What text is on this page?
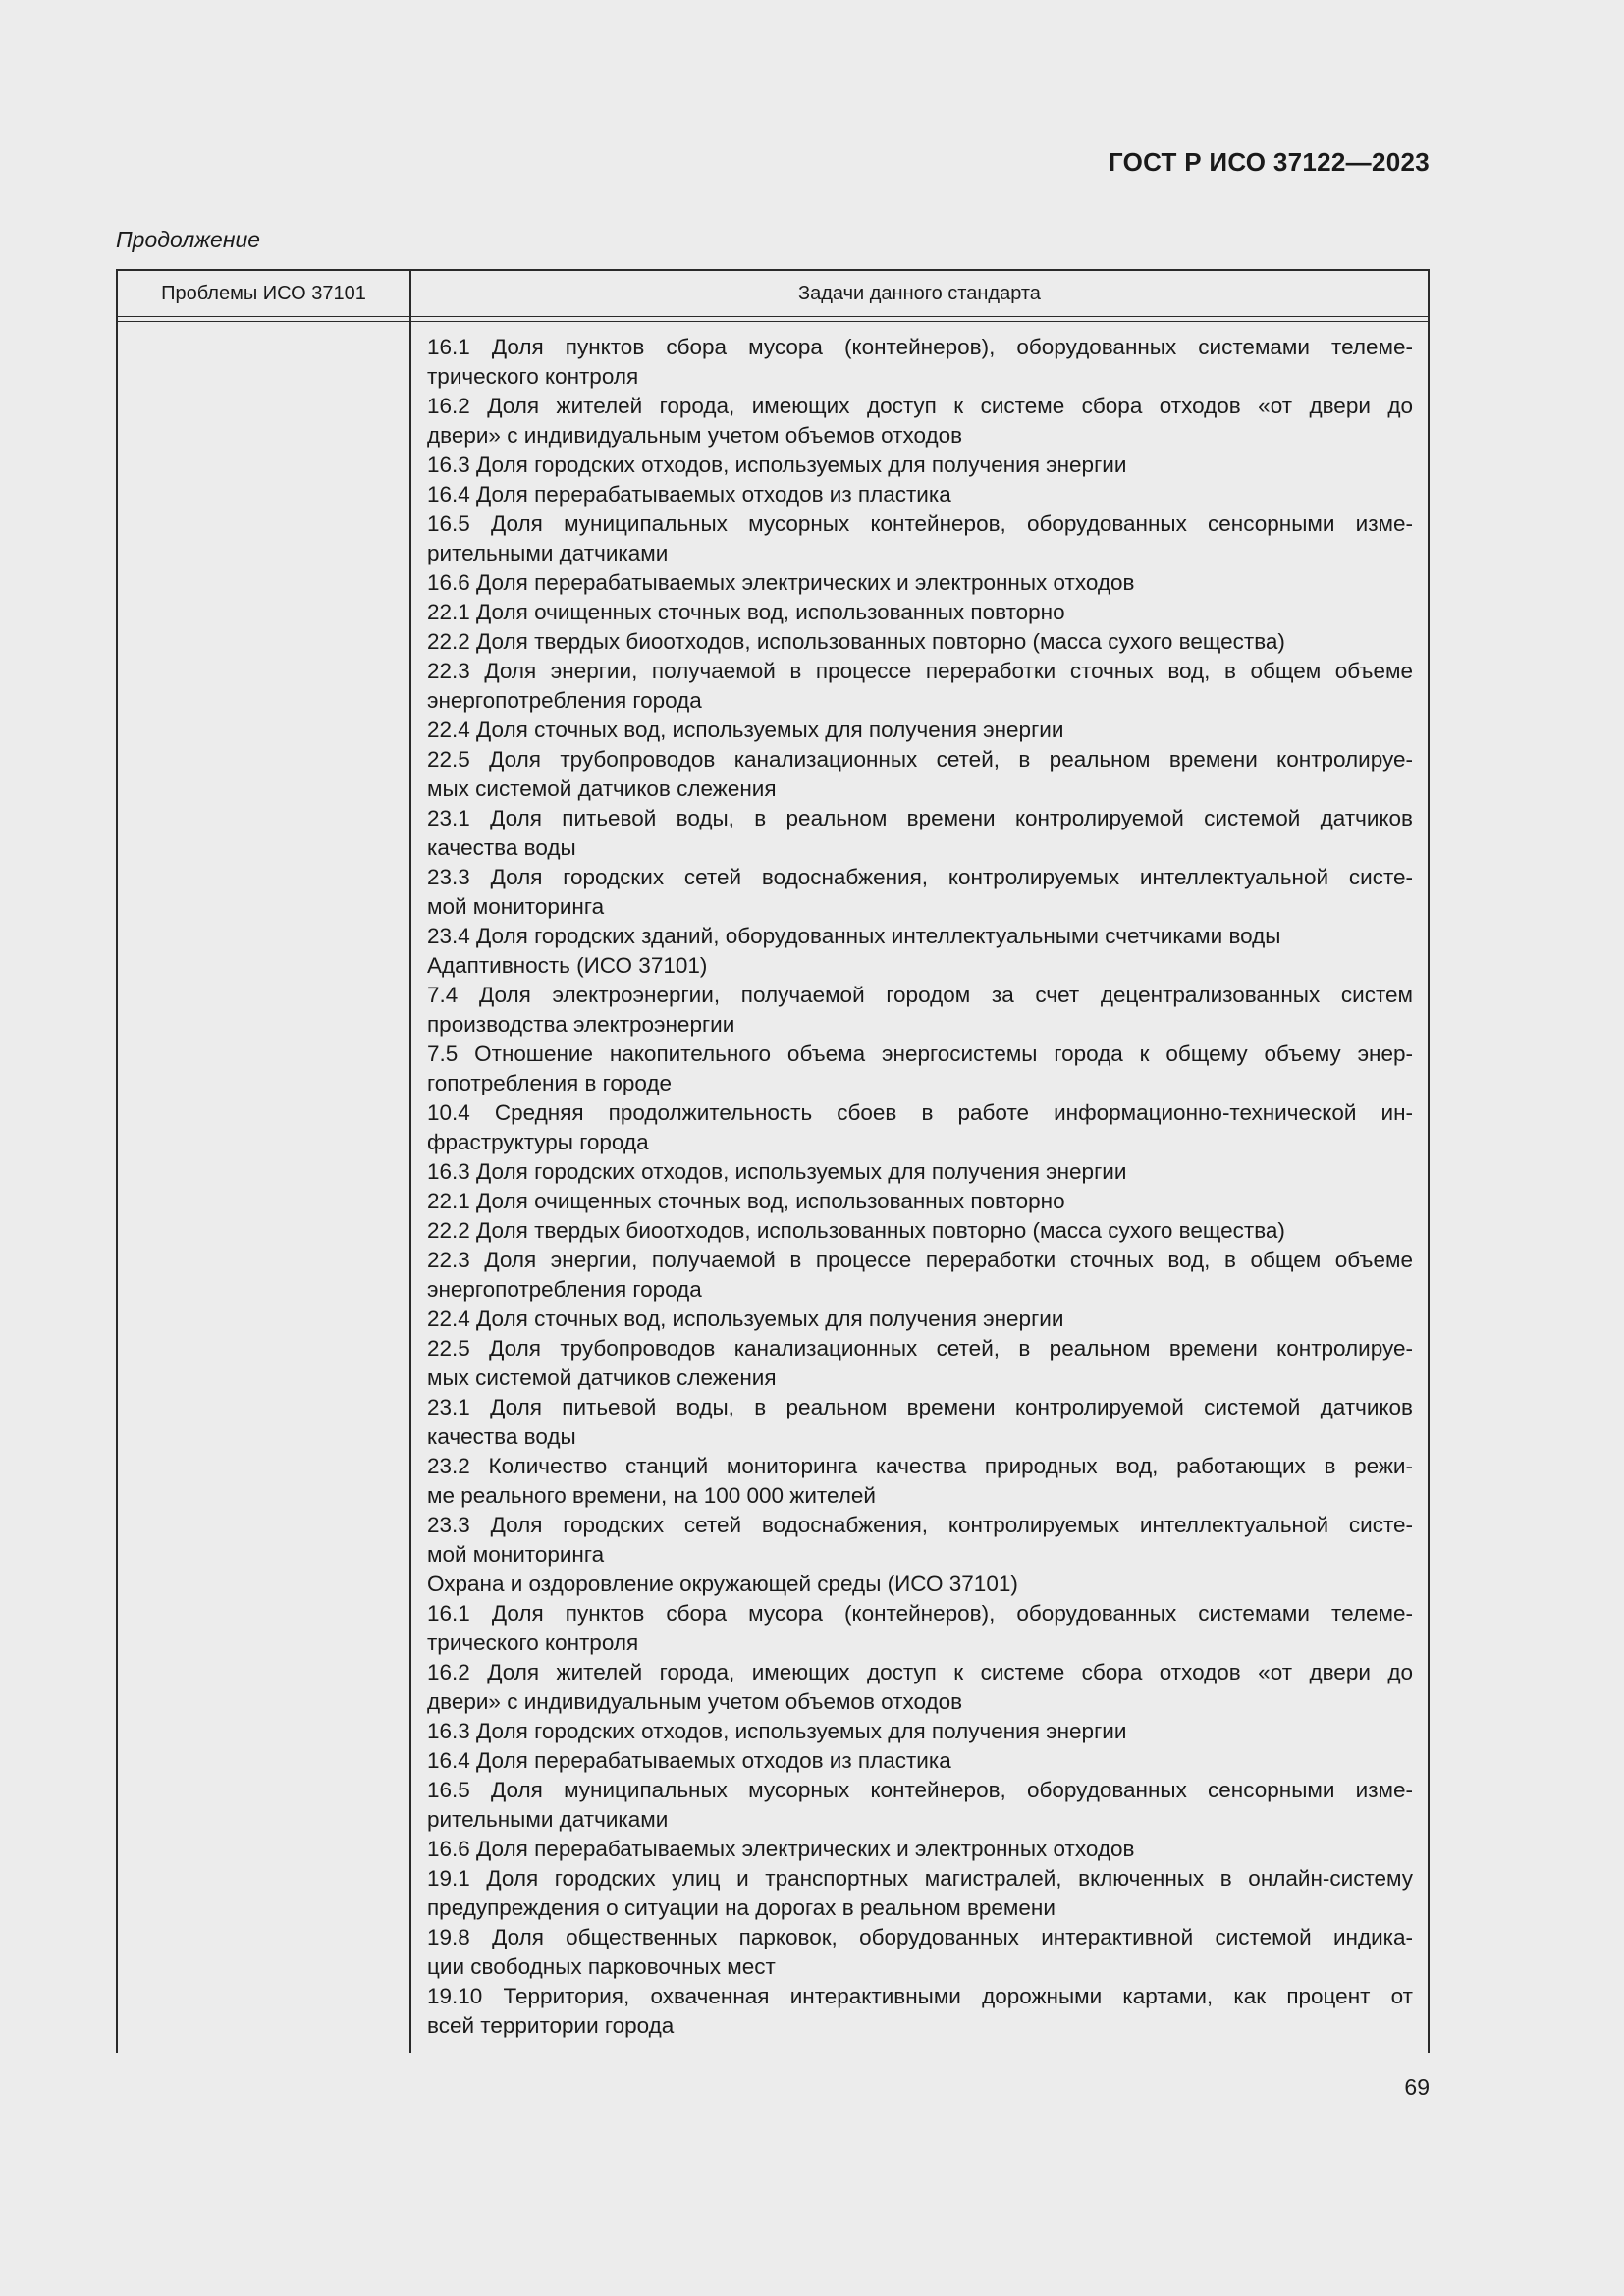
ГОСТ Р ИСО 37122—2023
Продолжение
Проблемы ИСО 37101	Задачи данного стандарта
16.1 Доля пунктов сбора мусора (контейнеров), оборудованных системами телеме-
трического контроля
16.2 Доля жителей города, имеющих доступ к системе сбора отходов «от двери до
двери» с индивидуальным учетом объемов отходов
16.3 Доля городских отходов, используемых для получения энергии
16.4 Доля перерабатываемых отходов из пластика
16.5 Доля муниципальных мусорных контейнеров, оборудованных сенсорными изме-
рительными датчиками
16.6 Доля перерабатываемых электрических и электронных отходов
22.1 Доля очищенных сточных вод, использованных повторно
22.2 Доля твердых биоотходов, использованных повторно (масса сухого вещества)
22.3 Доля энергии, получаемой в процессе переработки сточных вод, в общем объеме
энергопотребления города
22.4 Доля сточных вод, используемых для получения энергии
22.5 Доля трубопроводов канализационных сетей, в реальном времени контролируе-
мых системой датчиков слежения
23.1 Доля питьевой воды, в реальном времени контролируемой системой датчиков
качества воды
23.3 Доля городских сетей водоснабжения, контролируемых интеллектуальной систе-
мой мониторинга
23.4 Доля городских зданий, оборудованных интеллектуальными счетчиками воды
Адаптивность (ИСО 37101)
7.4 Доля электроэнергии, получаемой городом за счет децентрализованных систем
производства электроэнергии
7.5 Отношение накопительного объема энергосистемы города к общему объему энер-
гопотребления в городе
10.4 Средняя продолжительность сбоев в работе информационно-технической ин-
фраструктуры города
16.3 Доля городских отходов, используемых для получения энергии
22.1 Доля очищенных сточных вод, использованных повторно
22.2 Доля твердых биоотходов, использованных повторно (масса сухого вещества)
22.3 Доля энергии, получаемой в процессе переработки сточных вод, в общем объеме
энергопотребления города
22.4 Доля сточных вод, используемых для получения энергии
22.5 Доля трубопроводов канализационных сетей, в реальном времени контролируе-
мых системой датчиков слежения
23.1 Доля питьевой воды, в реальном времени контролируемой системой датчиков
качества воды
23.2 Количество станций мониторинга качества природных вод, работающих в режи-
ме реального времени, на 100 000 жителей
23.3 Доля городских сетей водоснабжения, контролируемых интеллектуальной систе-
мой мониторинга
Охрана и оздоровление окружающей среды (ИСО 37101)
16.1 Доля пунктов сбора мусора (контейнеров), оборудованных системами телеме-
трического контроля
16.2 Доля жителей города, имеющих доступ к системе сбора отходов «от двери до
двери» с индивидуальным учетом объемов отходов
16.3 Доля городских отходов, используемых для получения энергии
16.4 Доля перерабатываемых отходов из пластика
16.5 Доля муниципальных мусорных контейнеров, оборудованных сенсорными изме-
рительными датчиками
16.6 Доля перерабатываемых электрических и электронных отходов
19.1 Доля городских улиц и транспортных магистралей, включенных в онлайн-систему
предупреждения о ситуации на дорогах в реальном времени
19.8 Доля общественных парковок, оборудованных интерактивной системой индика-
ции свободных парковочных мест
19.10 Территория, охваченная интерактивными дорожными картами, как процент от
всей территории города
69
